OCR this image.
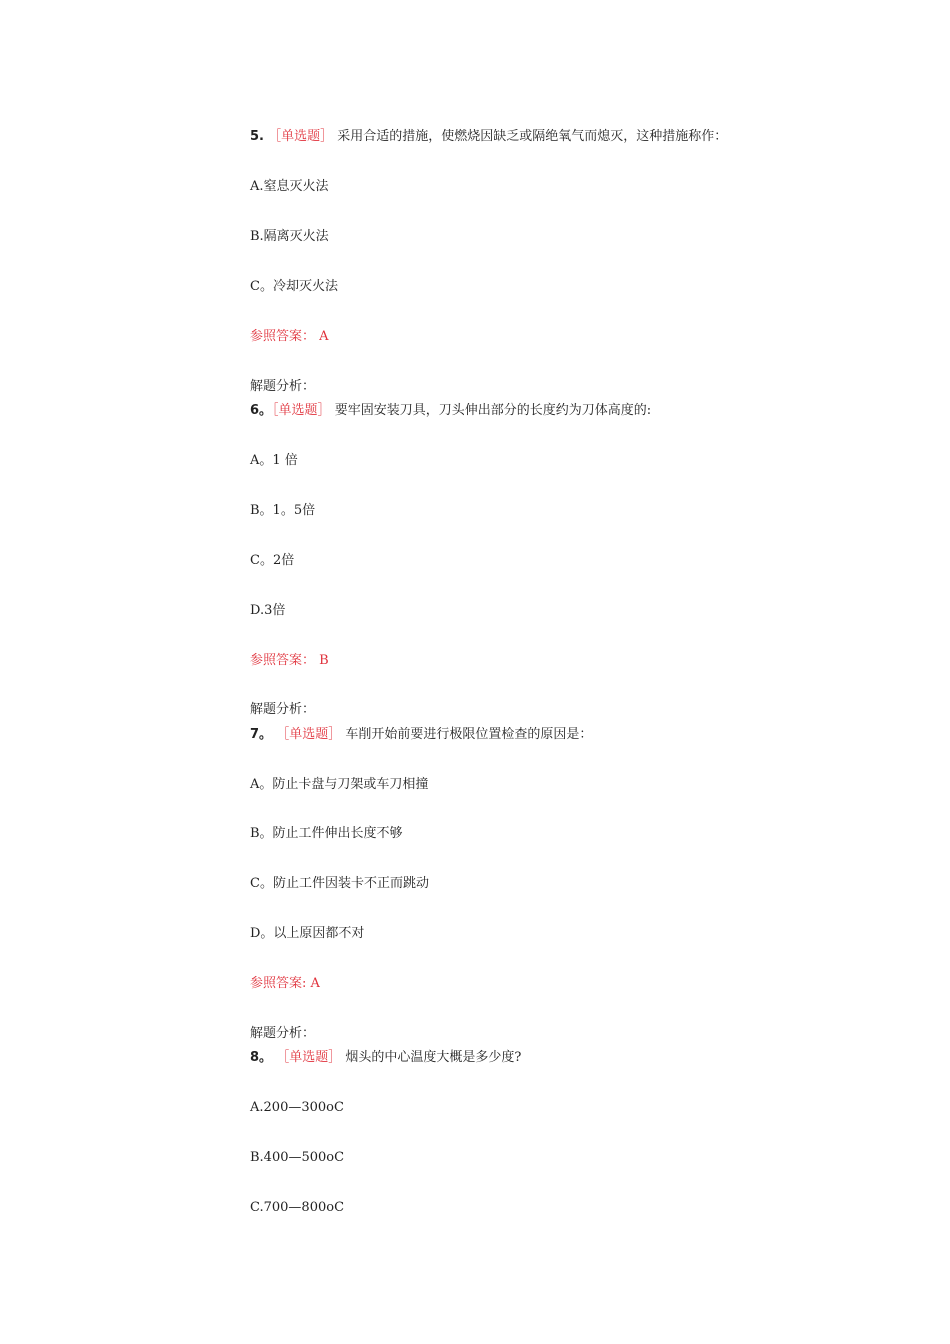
5. ［单选题］ 采用合适的措施，使燃烧因缺乏或隔绝氧气而熄灭，这种措施称作：
A.窒息灭火法
B.隔离灭火法
C。冷却灭火法
参照答案： A
解题分析：
6。［单选题］ 要牢固安装刀具，刀头伸出部分的长度约为刀体高度的:
A。1 倍
B。1。5倍
C。2倍
D.3倍
参照答案： B
解题分析：
7。 ［单选题］ 车削开始前要进行极限位置检查的原因是：
A。防止卡盘与刀架或车刀相撞
B。防止工件伸出长度不够
C。防止工件因装卡不正而跳动
D。以上原因都不对
参照答案: A
解题分析：
8。 ［单选题］ 烟头的中心温度大概是多少度?
A.200—300oC
B.400—500oC
C.700—800oC
